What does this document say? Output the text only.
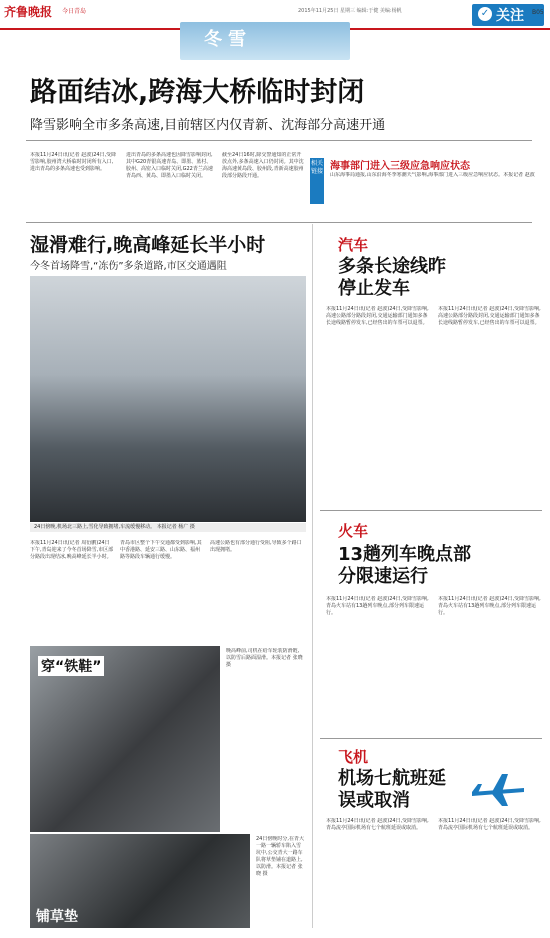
齐鲁晚报 今日青岛	2015年11月25日 星期三 编辑:于健 美编:杨帆
冬雪
✓ 关注 B05
路面结冰,跨海大桥临时封闭
降雪影响全市多条高速,目前辖区内仅青新、沈海部分高速开通
本报11月24日讯(记者 赵波)24日,受降雪影响,胶州湾大桥临时封闭所有入口,进出青岛的多条高速也受到影响。
进出青岛的多条高速也因降雪影响封闭,其中G20青银高速青岛、即墨、蓝村、胶州、高密入口临时关闭,G22青兰高速青岛西、黄岛、即墨入口临时关闭。
截至24日16时,除交警通知的正常开放点外,多条高速入口仍封闭。其中沈海高速黄岛段、胶州段,青新高速胶州段部分路段开通。
相关链接 海事部门进入三级应急响应状态
山东海事局通报,山东沿海冬季寒潮天气影响,海事部门进入三级应急响应状态。本报记者 赵波
湿滑难行,晚高峰延长半小时
今冬首场降雪,“冻伤”多条道路,市区交通遇阻
24日傍晚,机场北三路上,雪化导致拥堵,车流缓慢移动。 本报记者 杨广 摄
本报11月24日讯(记者 周衍鹏)24日下午,青岛迎来了今冬首场降雪,市区部分路段出现结冰,晚高峰延长半小时。
青岛市区整个下午交通都受到影响,其中香港路、延安三路、山东路、福州路等路段车辆通行缓慢。
高速公路也有部分通行受阻,导致多个路口出现拥堵。
穿“铁鞋”
晚高峰前,司机在给车轮装防滑链,以防雪后路面湿滑。本报记者 张晓 摄
铺草垫
24日傍晚时分,在青大一路一辆轿车陷入雪坑中,公交青大一路车队将草垫铺在道路上,以防滑。本报记者 张晓 摄
汽车
多条长途线昨停止发车
本报11月24日讯(记者 赵波)24日,受降雪影响,高速公路部分路段封闭,交通运输部门通知多条长途线路暂停发车,已经售出的车票可以退票。
本报11月24日讯(记者 赵波)24日,受降雪影响,高速公路部分路段封闭,交通运输部门通知多条长途线路暂停发车,已经售出的车票可以退票。
火车
13趟列车晚点部分限速运行
本报11月24日讯(记者 赵波)24日,受降雪影响,青岛火车站有13趟列车晚点,部分列车限速运行。
本报11月24日讯(记者 赵波)24日,受降雪影响,青岛火车站有13趟列车晚点,部分列车限速运行。
飞机
机场七航班延误或取消
本报11月24日讯(记者 赵波)24日,受降雪影响,青岛流亭国际机场有七个航班延误或取消。
本报11月24日讯(记者 赵波)24日,受降雪影响,青岛流亭国际机场有七个航班延误或取消。
